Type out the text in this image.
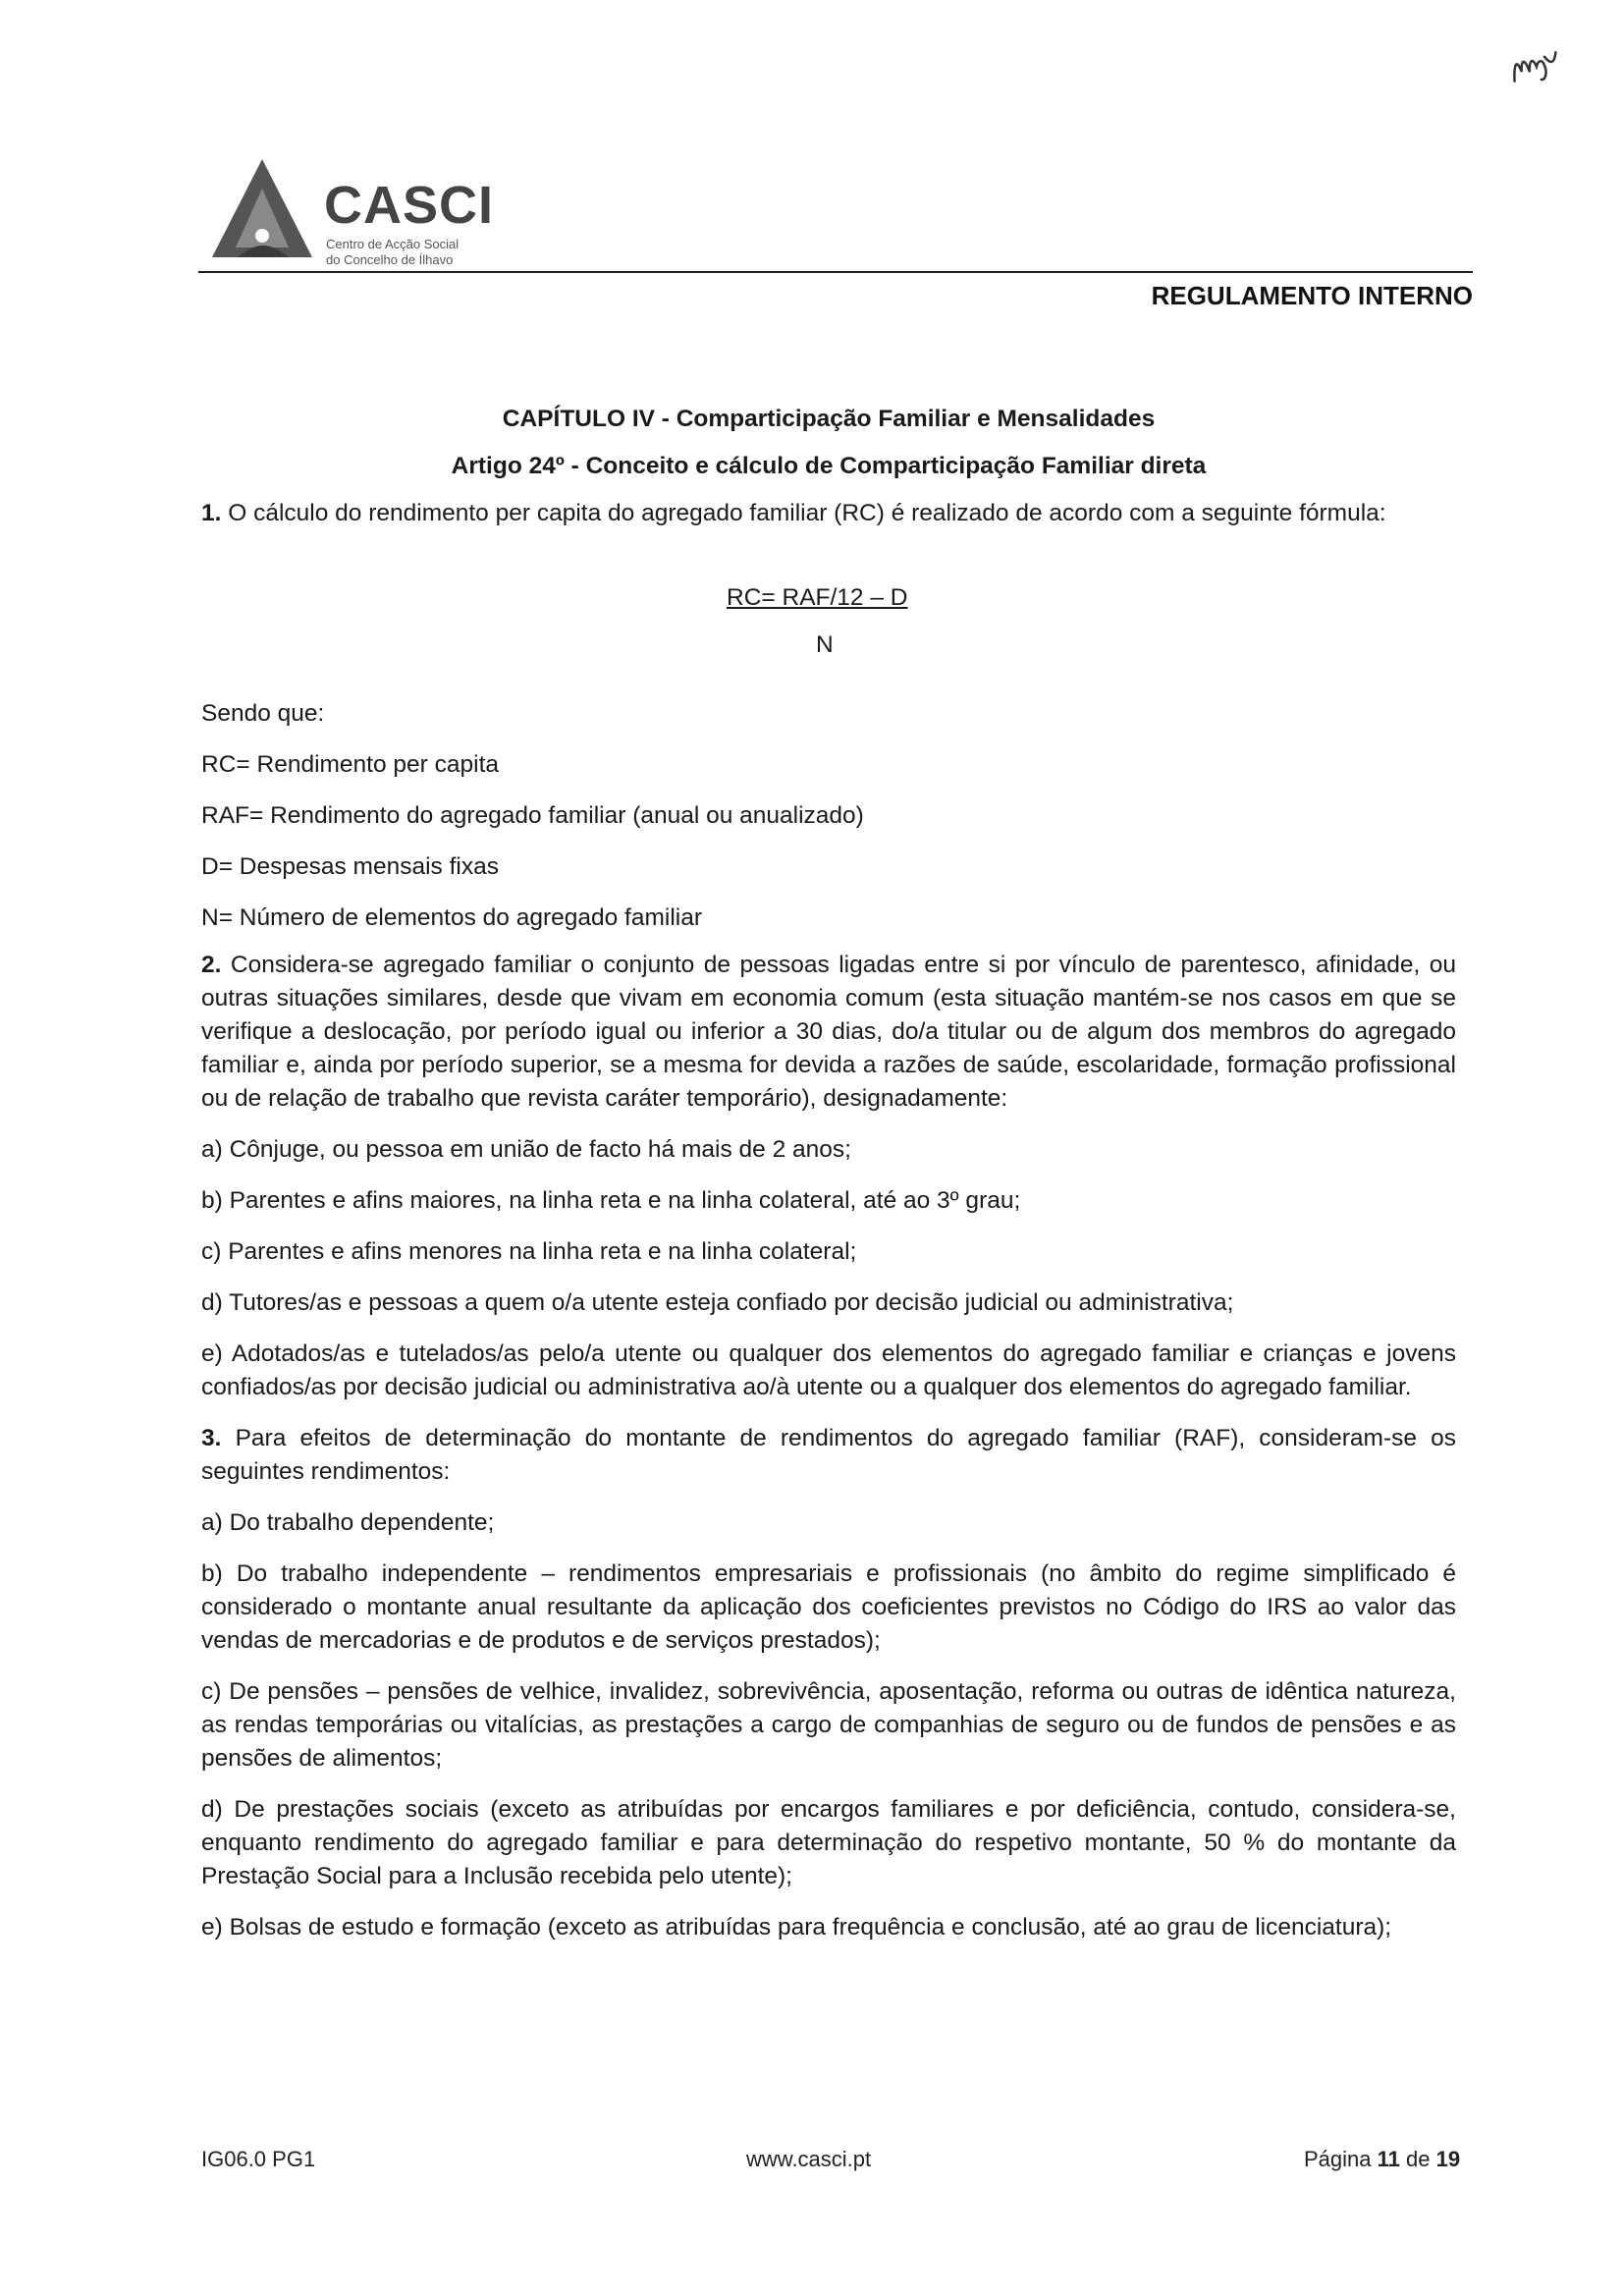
CASCI
Centro de Acção Social
do Concelho de Ílhavo
REGULAMENTO INTERNO

CAPÍTULO IV - Comparticipação Familiar e Mensalidades

Artigo 24º - Conceito e cálculo de Comparticipação Familiar direta

1. O cálculo do rendimento per capita do agregado familiar (RC) é realizado de acordo com a seguinte fórmula:

RC= RAF/12 – D
N

Sendo que:

RC= Rendimento per capita

RAF= Rendimento do agregado familiar (anual ou anualizado)

D= Despesas mensais fixas

N= Número de elementos do agregado familiar

2. Considera-se agregado familiar o conjunto de pessoas ligadas entre si por vínculo de parentesco, afinidade, ou outras situações similares, desde que vivam em economia comum (esta situação mantém-se nos casos em que se verifique a deslocação, por período igual ou inferior a 30 dias, do/a titular ou de algum dos membros do agregado familiar e, ainda por período superior, se a mesma for devida a razões de saúde, escolaridade, formação profissional ou de relação de trabalho que revista caráter temporário), designadamente:

a) Cônjuge, ou pessoa em união de facto há mais de 2 anos;

b) Parentes e afins maiores, na linha reta e na linha colateral, até ao 3º grau;

c) Parentes e afins menores na linha reta e na linha colateral;

d) Tutores/as e pessoas a quem o/a utente esteja confiado por decisão judicial ou administrativa;

e) Adotados/as e tutelados/as pelo/a utente ou qualquer dos elementos do agregado familiar e crianças e jovens confiados/as por decisão judicial ou administrativa ao/à utente ou a qualquer dos elementos do agregado familiar.

3. Para efeitos de determinação do montante de rendimentos do agregado familiar (RAF), consideram-se os seguintes rendimentos:

a) Do trabalho dependente;

b) Do trabalho independente – rendimentos empresariais e profissionais (no âmbito do regime simplificado é considerado o montante anual resultante da aplicação dos coeficientes previstos no Código do IRS ao valor das vendas de mercadorias e de produtos e de serviços prestados);

c) De pensões – pensões de velhice, invalidez, sobrevivência, aposentação, reforma ou outras de idêntica natureza, as rendas temporárias ou vitalícias, as prestações a cargo de companhias de seguro ou de fundos de pensões e as pensões de alimentos;

d) De prestações sociais (exceto as atribuídas por encargos familiares e por deficiência, contudo, considera-se, enquanto rendimento do agregado familiar e para determinação do respetivo montante, 50 % do montante da Prestação Social para a Inclusão recebida pelo utente);

e) Bolsas de estudo e formação (exceto as atribuídas para frequência e conclusão, até ao grau de licenciatura);

IG06.0 PG1	www.casci.pt	Página 11 de 19
